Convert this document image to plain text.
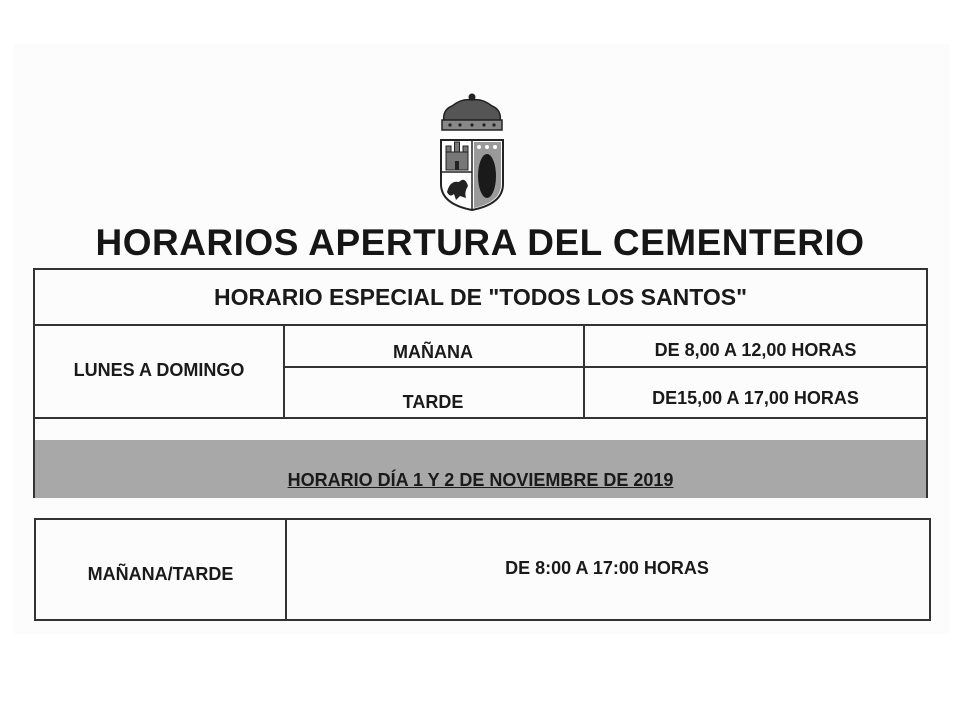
HORARIOS APERTURA DEL CEMENTERIO
HORARIO ESPECIAL DE "TODOS LOS SANTOS"
LUNES A DOMINGO
MAÑANA	DE 8,00 A 12,00 HORAS
TARDE	DE15,00 A 17,00 HORAS
HORARIO DÍA 1 Y 2 DE NOVIEMBRE DE 2019
MAÑANA/TARDE	DE 8:00 A 17:00 HORAS
